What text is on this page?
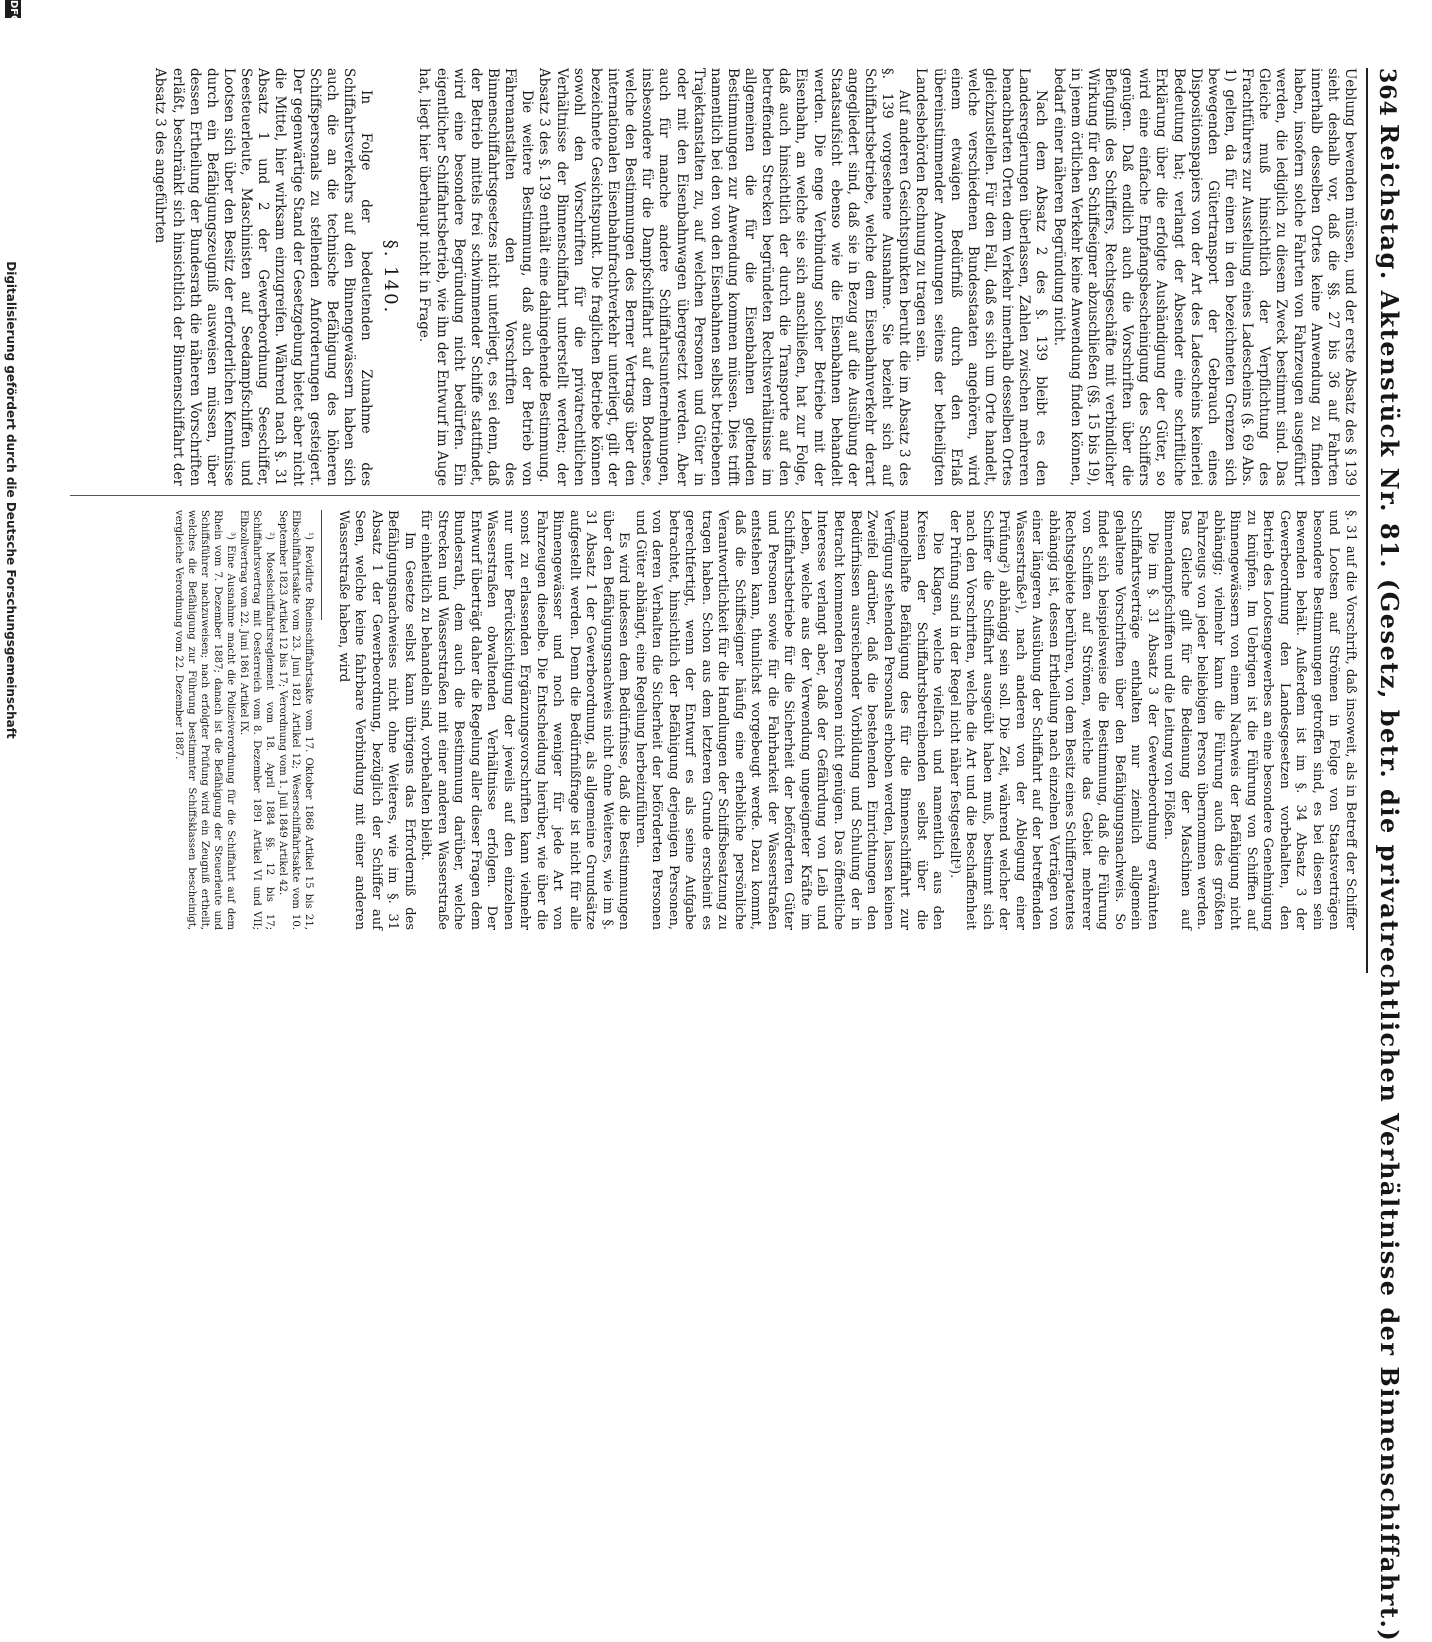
364
Reichstag. Aktenstück Nr. 81. (Gesetz, betr. die privatrechtlichen Verhältnisse der Binnenschiffahrt.)

Ueblung bewenden müssen, und der erste Absatz des § 139 sieht deshalb vor, daß die §§. 27 bis 36 auf Fahrten innerhalb desselben Ortes keine Anwendung zu finden haben, insofern solche Fahrten von Fahrzeugen ausgeführt werden, die lediglich zu diesem Zweck bestimmt sind. Das Gleiche muß hinsichtlich der Verpflichtung des Frachtführers zur Ausstellung eines Ladescheins (§. 69 Abs. 1) gelten, da für einen in den bezeichneten Grenzen sich bewegenden Gütertransport der Gebrauch eines Dispositionspapiers von der Art des Ladescheins keinerlei Bedeutung hat; verlangt der Absender eine schriftliche Erklärung über die erfolgte Aushändigung der Güter, so wird eine einfache Empfangsbescheinigung des Schiffers genügen. Daß endlich auch die Vorschriften über die Befugniß des Schiffers, Rechtsgeschäfte mit verbindlicher Wirkung für den Schiffseigner abzuschließen (§§. 15 bis 19), in jenem örtlichen Verkehr keine Anwendung finden können, bedarf einer näheren Begründung nicht.

Nach dem Absatz 2 des §. 139 bleibt es den Landesregierungen überlassen, Zahlen zwischen mehreren benachbarten Orten dem Verkehr innerhalb desselben Ortes gleichzustellen. Für den Fall, daß es sich um Orte handelt, welche verschiedenen Bundesstaaten angehören, wird einem etwaigen Bedürfniß durch den Erlaß übereinstimmender Anordnungen seitens der betheiligten Landesbehörden Rechnung zu tragen sein.

Auf anderen Gesichtspunkten beruht die im Absatz 3 des §. 139 vorgesehene Ausnahme. Sie bezieht sich auf Schiffahrtsbetriebe, welche dem Eisenbahnverkehr derart angegliedert sind, daß sie in Bezug auf die Ausübung der Staatsaufsicht ebenso wie die Eisenbahnen behandelt werden. Die enge Verbindung solcher Betriebe mit der Eisenbahn, an welche sie sich anschließen, hat zur Folge, daß auch hinsichtlich der durch die Transporte auf den betreffenden Strecken begründeten Rechtsverhältnisse im allgemeinen die für die Eisenbahnen geltenden Bestimmungen zur Anwendung kommen müssen. Dies trifft namentlich bei den von den Eisenbahnen selbst betriebenen Trajektanstalten zu, auf welchen Personen und Güter in oder mit den Eisenbahnwagen übergesetzt werden. Aber auch für manche andere Schiffahrtsunternehmungen, insbesondere für die Dampfschiffahrt auf dem Bodensee, welche den Bestimmungen des Berner Vertrags über den internationalen Eisenbahnfrachtverkehr unterliegt, gilt der bezeichnete Gesichtspunkt. Die fraglichen Betriebe können sowohl den Vorschriften für die privatrechtlichen Verhältnisse der Binnenschiffahrt unterstellt werden; der Absatz 3 des §. 139 enthält eine dahingehende Bestimmung.

Die weitere Bestimmung, daß auch der Betrieb von Fährenanstalten den Vorschriften des Binnenschiffahrtsgesetzes nicht unterliegt, es sei denn, daß der Betrieb mittels frei schwimmender Schiffe stattfindet, wird eine besondere Begründung nicht bedürfen. Ein eigentlicher Schiffahrtsbetrieb, wie ihn der Entwurf im Auge hat, liegt hier überhaupt nicht in Frage.

§. 140.

In Folge der bedeutenden Zunahme des Schiffahrtsverkehrs auf den Binnengewässern haben sich auch die an die technische Befähigung des höheren Schiffspersonals zu stellenden Anforderungen gesteigert. Der gegenwärtige Stand der Gesetzgebung bietet aber nicht die Mittel, hier wirksam einzugreifen. Während nach §. 31 Absatz 1 und 2 der Gewerbeordnung Seeschiffer, Seesteuerleute, Maschinisten auf Seedampfschiffen und Lootsen sich über den Besitz der erforderlichen Kenntnisse durch ein Befähigungszeugniß ausweisen müssen, über dessen Ertheilung der Bundesrath die näheren Vorschriften erläßt, beschränkt sich hinsichtlich der Binnenschiffahrt der Absatz 3 des angeführten

§. 31 auf die Vorschrift, daß insoweit, als in Betreff der Schiffer und Lootsen auf Strömen in Folge von Staatsverträgen besondere Bestimmungen getroffen sind, es bei diesen sein Bewenden behält. Außerdem ist im §. 34 Absatz 3 der Gewerbeordnung den Landesgesetzen vorbehalten, den Betrieb des Lootsengewerbes an eine besondere Genehmigung zu knüpfen. Im Uebrigen ist die Führung von Schiffen auf Binnengewässern von einem Nachweis der Befähigung nicht abhängig; vielmehr kann die Führung auch des größten Fahrzeugs von jeder beliebigen Person übernommen werden. Das Gleiche gilt für die Bedienung der Maschinen auf Binnendampfschiffen und die Leitung von Flößen.

Die im §. 31 Absatz 3 der Gewerbeordnung erwähnten Schiffahrtsverträge enthalten nur ziemlich allgemein gehaltene Vorschriften über den Befähigungsnachweis. So findet sich beispielsweise die Bestimmung, daß die Führung von Schiffen auf Strömen, welche das Gebiet mehrerer Rechtsgebiete berühren, von dem Besitz eines Schifferpatentes abhängig ist, dessen Ertheilung nach einzelnen Verträgen von einer längeren Ausübung der Schiffahrt auf der betreffenden Wasserstraße¹), nach anderen von der Ablegung einer Prüfung²) abhängig sein soll. Die Zeit, während welcher der Schiffer die Schiffahrt ausgeübt haben muß, bestimmt sich nach den Vorschriften, welche die Art und die Beschaffenheit der Prüfung sind in der Regel nicht näher festgestellt³).

Die Klagen, welche vielfach und namentlich aus den Kreisen der Schiffahrtsbetreibenden selbst über die mangelhafte Befähigung des für die Binnenschiffahrt zur Verfügung stehenden Personals erhoben werden, lassen keinen Zweifel darüber, daß die bestehenden Einrichtungen den Bedürfnissen ausreichender Vorbildung und Schulung der in Betracht kommenden Personen nicht genügen. Das öffentliche Interesse verlangt aber, daß der Gefährdung von Leib und Leben, welche aus der Verwendung ungeeigneter Kräfte im Schiffahrtsbetriebe für die Sicherheit der beförderten Güter und Personen sowie für die Fahrbarkeit der Wasserstraßen entstehen kann, thunlichst vorgebeugt werde. Dazu kommt, daß die Schiffseigner häufig eine erhebliche persönliche Verantwortlichkeit für die Handlungen der Schiffsbesatzung zu tragen haben. Schon aus dem letzteren Grunde erscheint es gerechtfertigt, wenn der Entwurf es als seine Aufgabe betrachtet, hinsichtlich der Befähigung derjenigen Personen, von deren Verhalten die Sicherheit der beförderten Personen und Güter abhängt, eine Regelung herbeizuführen.

Es wird indessen dem Bedürfnisse, daß die Bestimmungen über den Befähigungsnachweis nicht ohne Weiteres, wie im §. 31 Absatz 1 der Gewerbeordnung, als allgemeine Grundsätze aufgestellt werden. Denn die Bedürfnißfrage ist nicht für alle Binnengewässer und noch weniger für jede Art von Fahrzeugen dieselbe. Die Entscheidung hierüber, wie über die sonst zu erlassenden Ergänzungsvorschriften kann vielmehr nur unter Berücksichtigung der jeweils auf den einzelnen Wasserstraßen obwaltenden Verhältnisse erfolgen. Der Entwurf überträgt daher die Regelung aller dieser Fragen dem Bundesrath, dem auch die Bestimmung darüber, welche Strecken und Wasserstraßen mit einer anderen Wasserstraße für einheitlich zu behandeln sind, vorbehalten bleibt.

Im Gesetze selbst kann übrigens das Erforderniß des Befähigungsnachweises nicht ohne Weiteres, wie im §. 31 Absatz 1 der Gewerbeordnung, bezüglich der Schiffer auf Seen, welche keine fahrbare Verbindung mit einer anderen Wasserstraße haben, wird

¹) Revidirte Rheinschiffahrtsakte vom 17. Oktober 1868 Artikel 15 bis 21, Elbschiffahrtsakte vom 23. Juni 1821 Artikel 12; Weserschiffahrtsakte vom 10. September 1823 Artikel 12 bis 17; Verordnung vom 1. Juli 1849 Artikel 42.

²) Moselschiffahrtsreglement vom 18. April 1884 §§. 12 bis 17; Schiffahrtsvertrag mit Oesterreich vom 8. Dezember 1891 Artikel VI und VII; Elbzollvertrag vom 22. Juni 1861 Artikel IX.

³) Eine Ausnahme macht die Polizeiverordnung für die Schiffahrt auf dem Rhein vom 7. Dezember 1887; danach ist die Befähigung der Steuerleute und Schiffsführer nachzuweisen; nach erfolgter Prüfung wird ein Zeugniß ertheilt, welches die Befähigung zur Führung bestimmter Schiffsklassen bescheinigt, vergleiche Verordnung vom 22. Dezember 1887.

DFG
Digitalisierung gefördert durch die Deutsche Forschungsgemeinschaft
